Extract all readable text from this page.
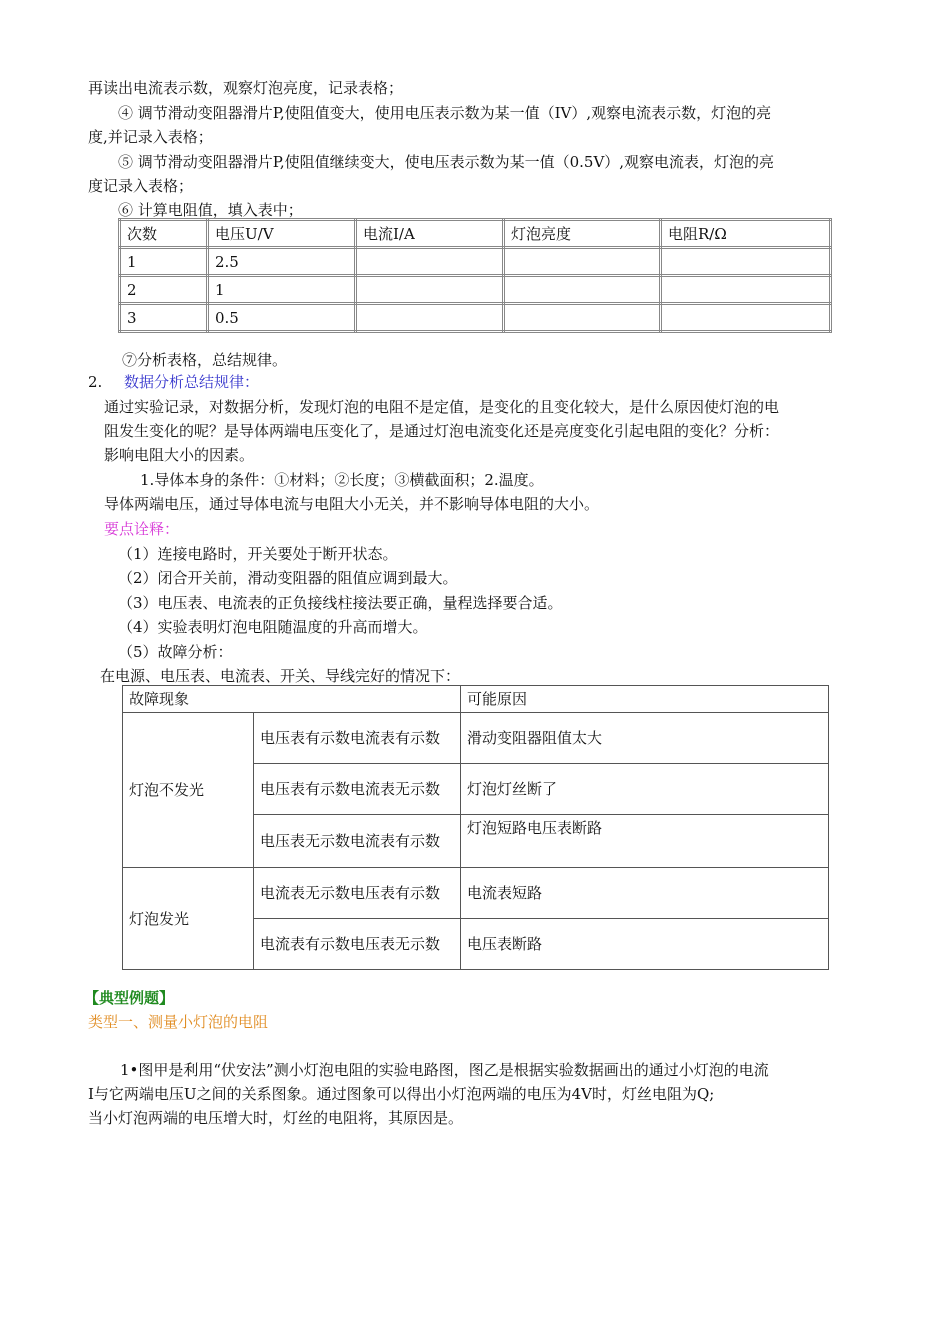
再读出电流表示数，观察灯泡亮度，记录表格；
④ 调节滑动变阻器滑片P,使阻值变大，使用电压表示数为某一值（IV）,观察电流表示数，灯泡的亮
度,并记录入表格；
⑤ 调节滑动变阻器滑片P,使阻值继续变大，使电压表示数为某一值（0.5V）,观察电流表，灯泡的亮
度记录入表格；
⑥ 计算电阻值，填入表中；
次数	电压U/V	电流I/A	灯泡亮度	电阻R/Ω
1	2.5			
2	1			
3	0.5			
⑦分析表格，总结规律。
2. 数据分析总结规律：
通过实验记录，对数据分析，发现灯泡的电阻不是定值，是变化的且变化较大，是什么原因使灯泡的电
阻发生变化的呢？是导体两端电压变化了，是通过灯泡电流变化还是亮度变化引起电阻的变化？分析：
影响电阻大小的因素。
1.导体本身的条件：①材料；②长度；③横截面积；2.温度。
导体两端电压，通过导体电流与电阻大小无关，并不影响导体电阻的大小。
要点诠释：
（1）连接电路时，开关要处于断开状态。
（2）闭合开关前，滑动变阻器的阻值应调到最大。
（3）电压表、电流表的正负接线柱接法要正确，量程选择要合适。
（4）实验表明灯泡电阻随温度的升高而增大。
（5）故障分析：
在电源、电压表、电流表、开关、导线完好的情况下：
故障现象		可能原因
灯泡不发光	电压表有示数电流表有示数	滑动变阻器阻值太大
	电压表有示数电流表无示数	灯泡灯丝断了
	电压表无示数电流表有示数	灯泡短路电压表断路
灯泡发光	电流表无示数电压表有示数	电流表短路
	电流表有示数电压表无示数	电压表断路
【典型例题】
类型一、测量小灯泡的电阻
1•图甲是利用“伏安法”测小灯泡电阻的实验电路图，图乙是根据实验数据画出的通过小灯泡的电流
I与它两端电压U之间的关系图象。通过图象可以得出小灯泡两端的电压为4V时，灯丝电阻为Q;
当小灯泡两端的电压增大时，灯丝的电阻将，其原因是。
